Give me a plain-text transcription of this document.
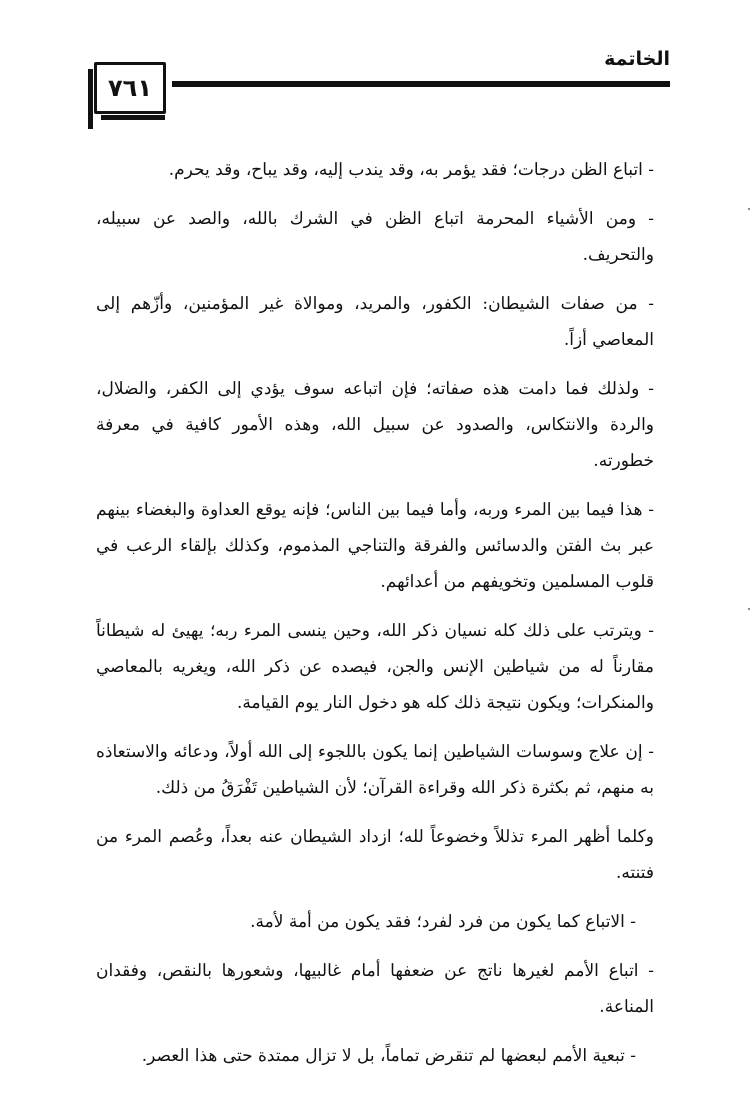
الخاتمة
٧٦١

- اتباع الظن درجات؛ فقد يؤمر به، وقد يندب إليه، وقد يباح، وقد يحرم.

- ومن الأشياء المحرمة اتباع الظن في الشرك بالله، والصد عن سبيله، والتحريف.

- من صفات الشيطان: الكفور، والمريد، وموالاة غير المؤمنين، وأزّهم إلى المعاصي أزاً.

- ولذلك فما دامت هذه صفاته؛ فإن اتباعه سوف يؤدي إلى الكفر، والضلال، والردة والانتكاس، والصدود عن سبيل الله، وهذه الأمور كافية في معرفة خطورته.

- هذا فيما بين المرء وربه، وأما فيما بين الناس؛ فإنه يوقع العداوة والبغضاء بينهم عبر بث الفتن والدسائس والفرقة والتناجي المذموم، وكذلك بإلقاء الرعب في قلوب المسلمين وتخويفهم من أعدائهم.

- ويترتب على ذلك كله نسيان ذكر الله، وحين ينسى المرء ربه؛ يهيئ له شيطاناً مقارناً له من شياطين الإنس والجن، فيصده عن ذكر الله، ويغريه بالمعاصي والمنكرات؛ ويكون نتيجة ذلك كله هو دخول النار يوم القيامة.

- إن علاج وسوسات الشياطين إنما يكون باللجوء إلى الله أولاً، ودعائه والاستعاذه به منهم، ثم بكثرة ذكر الله وقراءة القرآن؛ لأن الشياطين تَفْرَقُ من ذلك.

وكلما أظهر المرء تذللاً وخضوعاً لله؛ ازداد الشيطان عنه بعداً، وعُصم المرء من فتنته.

- الاتباع كما يكون من فرد لفرد؛ فقد يكون من أمة لأمة.

- اتباع الأمم لغيرها ناتج عن ضعفها أمام غالبيها، وشعورها بالنقص، وفقدان المناعة.

- تبعية الأمم لبعضها لم تنقرض تماماً، بل لا تزال ممتدة حتى هذا العصر.
